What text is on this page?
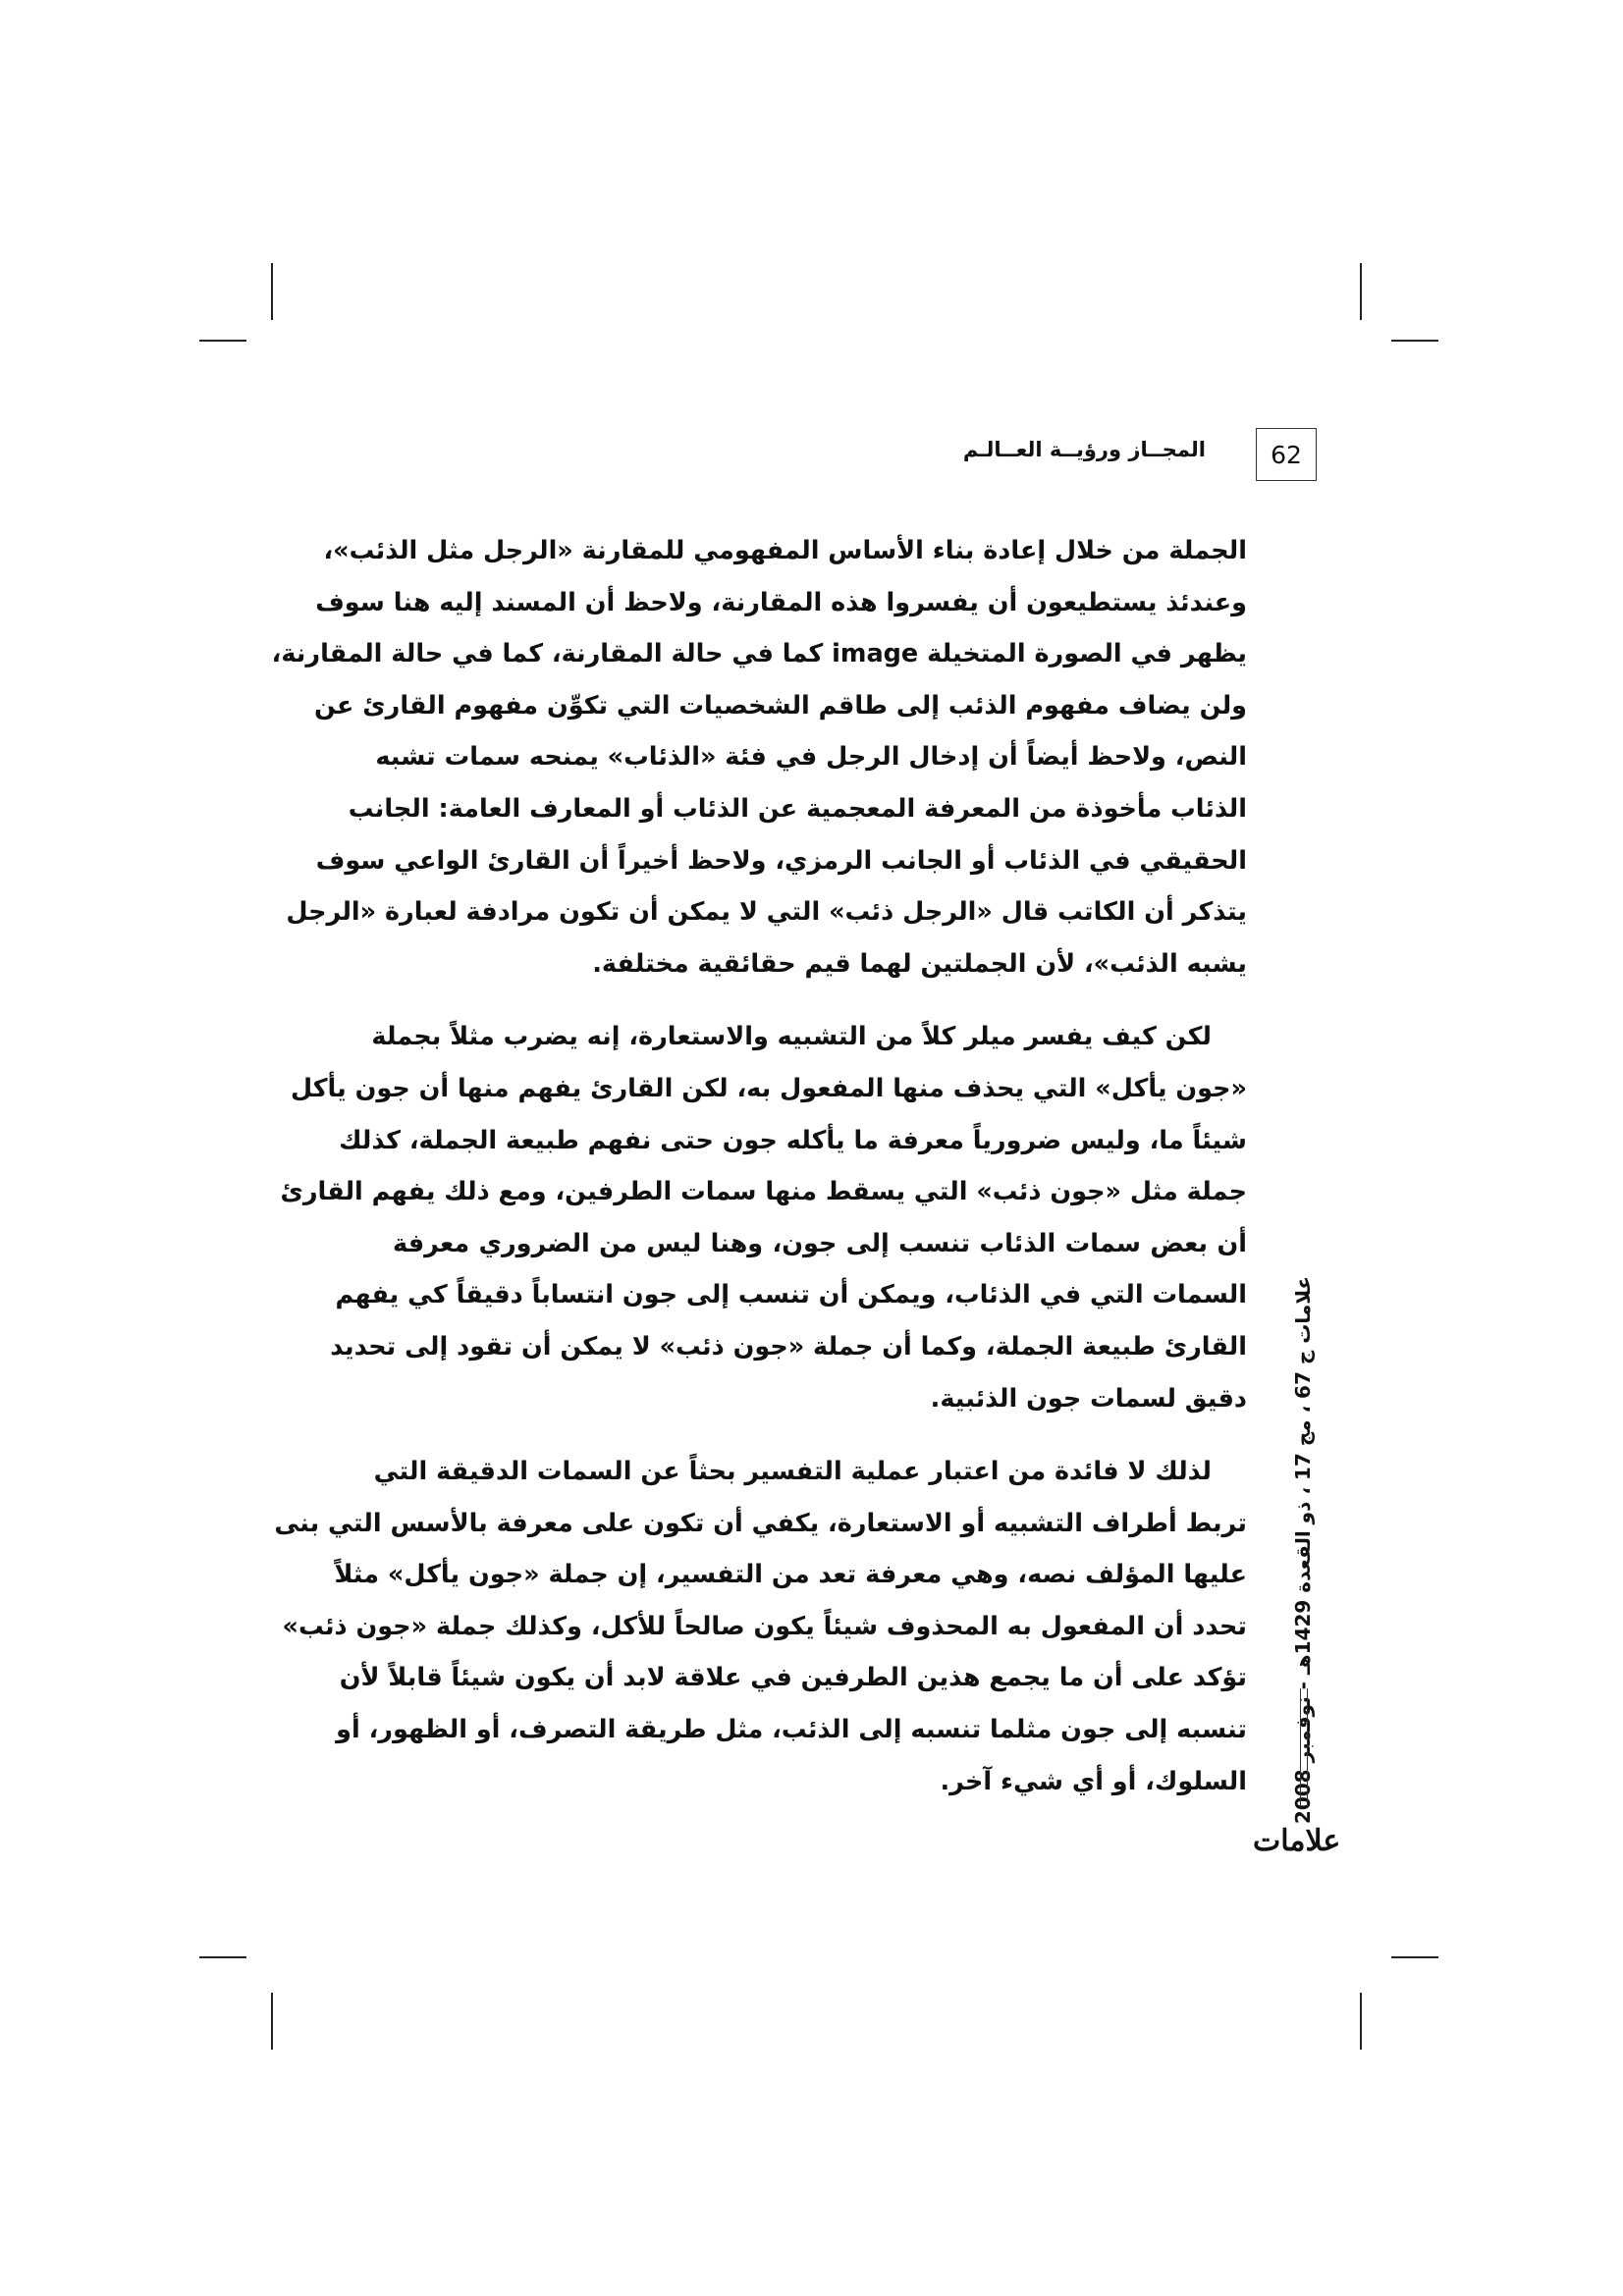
62
المجــاز ورؤيــة العــالـم

الجملة من خلال إعادة بناء الأساس المفهومي للمقارنة «الرجل مثل الذئب»،
وعندئذ يستطيعون أن يفسروا هذه المقارنة، ولاحظ أن المسند إليه هنا سوف
يظهر في الصورة المتخيلة image كما في حالة المقارنة، كما في حالة المقارنة،
ولن يضاف مفهوم الذئب إلى طاقم الشخصيات التي تكوِّن مفهوم القارئ عن
النص، ولاحظ أيضاً أن إدخال الرجل في فئة «الذئاب» يمنحه سمات تشبه
الذئاب مأخوذة من المعرفة المعجمية عن الذئاب أو المعارف العامة: الجانب
الحقيقي في الذئاب أو الجانب الرمزي، ولاحظ أخيراً أن القارئ الواعي سوف
يتذكر أن الكاتب قال «الرجل ذئب» التي لا يمكن أن تكون مرادفة لعبارة «الرجل
يشبه الذئب»، لأن الجملتين لهما قيم حقائقية مختلفة.

لكن كيف يفسر ميلر كلاً من التشبيه والاستعارة، إنه يضرب مثلاً بجملة
«جون يأكل» التي يحذف منها المفعول به، لكن القارئ يفهم منها أن جون يأكل
شيئاً ما، وليس ضرورياً معرفة ما يأكله جون حتى نفهم طبيعة الجملة، كذلك
جملة مثل «جون ذئب» التي يسقط منها سمات الطرفين، ومع ذلك يفهم القارئ
أن بعض سمات الذئاب تنسب إلى جون، وهنا ليس من الضروري معرفة
السمات التي في الذئاب، ويمكن أن تنسب إلى جون انتساباً دقيقاً كي يفهم
القارئ طبيعة الجملة، وكما أن جملة «جون ذئب» لا يمكن أن تقود إلى تحديد
دقيق لسمات جون الذئبية.

لذلك لا فائدة من اعتبار عملية التفسير بحثاً عن السمات الدقيقة التي
تربط أطراف التشبيه أو الاستعارة، يكفي أن تكون على معرفة بالأسس التي بنى
عليها المؤلف نصه، وهي معرفة تعد من التفسير، إن جملة «جون يأكل» مثلاً
تحدد أن المفعول به المحذوف شيئاً يكون صالحاً للأكل، وكذلك جملة «جون ذئب»
تؤكد على أن ما يجمع هذين الطرفين في علاقة لابد أن يكون شيئاً قابلاً لأن
تنسبه إلى جون مثلما تنسبه إلى الذئب، مثل طريقة التصرف، أو الظهور، أو
السلوك، أو أي شيء آخر. علامات ج 67 ، مج 17 ، ذو القعدة 1429هـ - نوفمبر 2008
علامات
